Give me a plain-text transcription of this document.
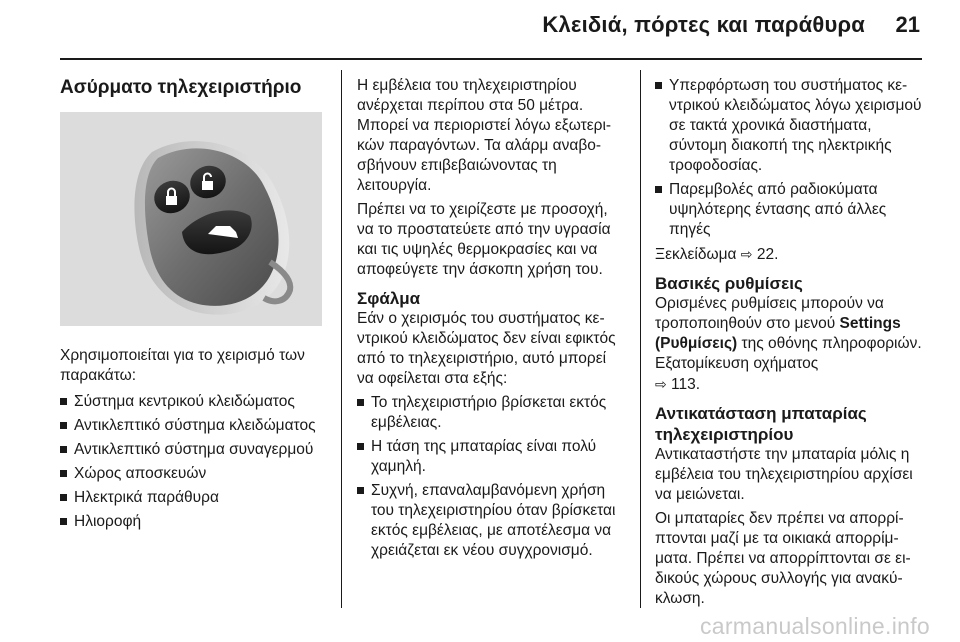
Κλειδιά, πόρτες και παράθυρα 21
Ασύρματο τηλεχειριστήριο

Χρησιμοποιείται για το χειρισμό των παρακάτω:

Σύστημα κεντρικού κλειδώματος
Αντικλεπτικό σύστημα κλειδώματος
Αντικλεπτικό σύστημα συναγερμού
Χώρος αποσκευών
Ηλεκτρικά παράθυρα
Ηλιοροφή

Η εμβέλεια του τηλεχειριστηρίου ανέρχεται περίπου στα 50 μέτρα. Μπορεί να περιοριστεί λόγω εξωτερικών παραγόντων. Τα αλάρμ αναβοσβήνουν επιβεβαιώνοντας τη λειτουργία.

Πρέπει να το χειρίζεστε με προσοχή, να το προστατεύετε από την υγρασία και τις υψηλές θερμοκρασίες και να αποφεύγετε την άσκοπη χρήση του.

Σφάλμα

Εάν ο χειρισμός του συστήματος κεντρικού κλειδώματος δεν είναι εφικτός από το τηλεχειριστήριο, αυτό μπορεί να οφείλεται στα εξής:

Το τηλεχειριστήριο βρίσκεται εκτός εμβέλειας.
Η τάση της μπαταρίας είναι πολύ χαμηλή.
Συχνή, επαναλαμβανόμενη χρήση του τηλεχειριστηρίου όταν βρίσκεται εκτός εμβέλειας, με αποτέλεσμα να χρειάζεται εκ νέου συγχρονισμό.
Υπερφόρτωση του συστήματος κεντρικού κλειδώματος λόγω χειρισμού σε τακτά χρονικά διαστήματα, σύντομη διακοπή της ηλεκτρικής τροφοδοσίας.
Παρεμβολές από ραδιοκύματα υψηλότερης έντασης από άλλες πηγές

Ξεκλείδωμα ⇨ 22.

Βασικές ρυθμίσεις

Ορισμένες ρυθμίσεις μπορούν να τροποποιηθούν στο μενού Settings (Ρυθμίσεις) της οθόνης πληροφοριών. Εξατομίκευση οχήματος
⇨ 113.

Αντικατάσταση μπαταρίας τηλεχειριστηρίου

Αντικαταστήστε την μπαταρία μόλις η εμβέλεια του τηλεχειριστηρίου αρχίσει να μειώνεται.

Οι μπαταρίες δεν πρέπει να απορρίπτονται μαζί με τα οικιακά απορρίμματα. Πρέπει να απορρίπτονται σε ειδικούς χώρους συλλογής για ανακύκλωση.

carmanualsonline.info
